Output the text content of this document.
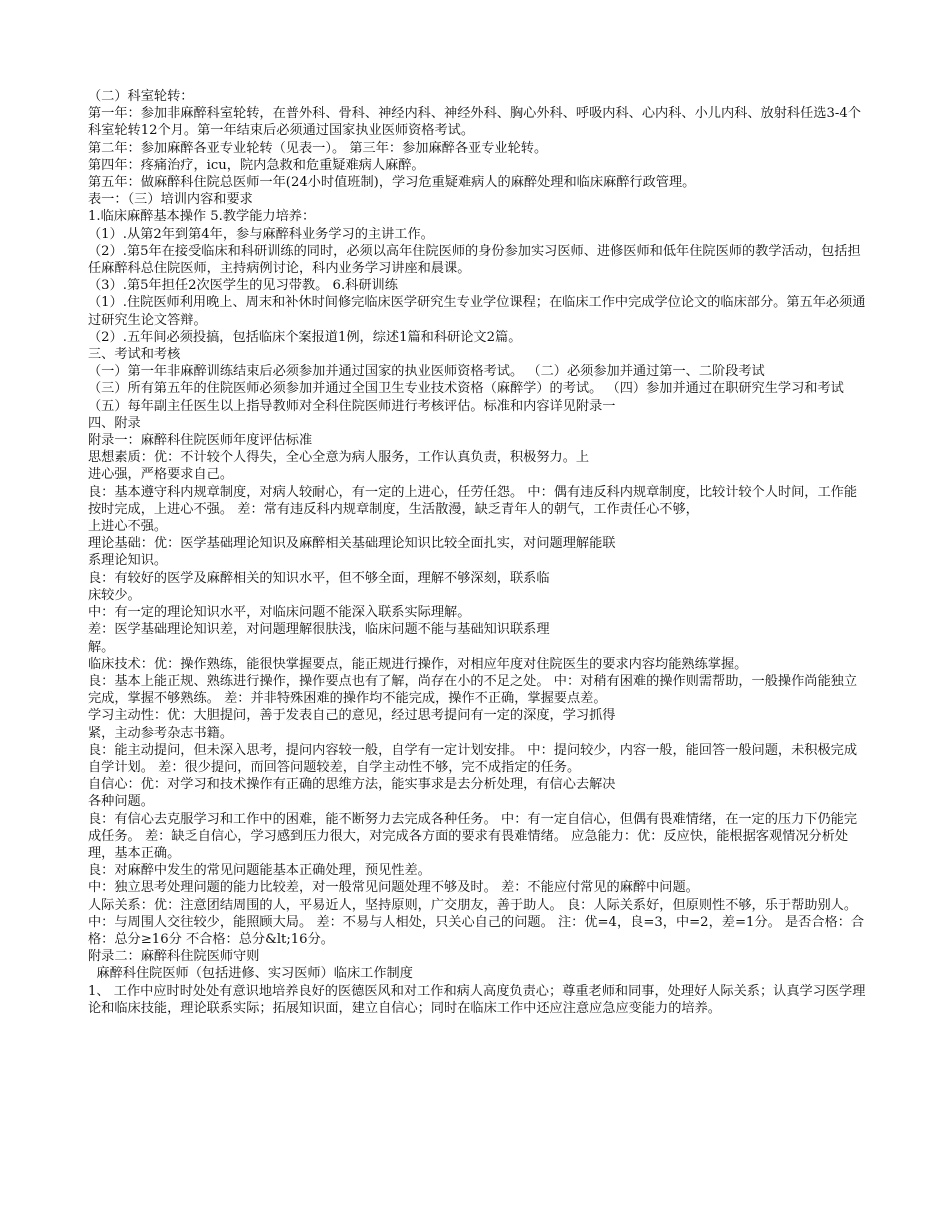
（二）科室轮转：

第一年：参加非麻醉科室轮转，在普外科、骨科、神经内科、神经外科、胸心外科、呼吸内科、心内科、小儿内科、放射科任选3-4个科室轮转12个月。第一年结束后必须通过国家执业医师资格考试。

第二年：参加麻醉各亚专业轮转（见表一）。 第三年：参加麻醉各亚专业轮转。

第四年：疼痛治疗，icu，院内急救和危重疑难病人麻醉。

第五年：做麻醉科住院总医师一年(24小时值班制)，学习危重疑难病人的麻醉处理和临床麻醉行政管理。

表一：（三）培训内容和要求

1.临床麻醉基本操作 5.教学能力培养：

（1）.从第2年到第4年，参与麻醉科业务学习的主讲工作。

（2）.第5年在接受临床和科研训练的同时，必须以高年住院医师的身份参加实习医师、进修医师和低年住院医师的教学活动，包括担任麻醉科总住院医师，主持病例讨论，科内业务学习讲座和晨课。

（3）.第5年担任2次医学生的见习带教。 6.科研训练

（1）.住院医师利用晚上、周末和补休时间修完临床医学研究生专业学位课程；在临床工作中完成学位论文的临床部分。第五年必须通过研究生论文答辩。

（2）.五年间必须投搞，包括临床个案报道1例，综述1篇和科研论文2篇。

三、考试和考核

（一）第一年非麻醉训练结束后必须参加并通过国家的执业医师资格考试。 （二）必须参加并通过第一、二阶段考试

（三）所有第五年的住院医师必须参加并通过全国卫生专业技术资格（麻醉学）的考试。 （四）参加并通过在职研究生学习和考试 （五）每年副主任医生以上指导教师对全科住院医师进行考核评估。标准和内容详见附录一

四、附录

附录一：麻醉科住院医师年度评估标准

思想素质：优：不计较个人得失，全心全意为病人服务，工作认真负责，积极努力。上

进心强，严格要求自己。

良：基本遵守科内规章制度，对病人较耐心，有一定的上进心，任劳任怨。 中：偶有违反科内规章制度，比较计较个人时间，工作能按时完成，上进心不强。 差：常有违反科内规章制度，生活散漫，缺乏青年人的朝气，工作责任心不够，

上进心不强。

理论基础：优：医学基础理论知识及麻醉相关基础理论知识比较全面扎实，对问题理解能联

系理论知识。

良：有较好的医学及麻醉相关的知识水平，但不够全面，理解不够深刻，联系临

床较少。

中：有一定的理论知识水平，对临床问题不能深入联系实际理解。

差：医学基础理论知识差，对问题理解很肤浅，临床问题不能与基础知识联系理

解。

临床技术：优：操作熟练，能很快掌握要点，能正规进行操作，对相应年度对住院医生的要求内容均能熟练掌握。

良：基本上能正规、熟练进行操作，操作要点也有了解，尚存在小的不足之处。 中：对稍有困难的操作则需帮助，一般操作尚能独立完成，掌握不够熟练。 差：并非特殊困难的操作均不能完成，操作不正确，掌握要点差。

学习主动性：优：大胆提问，善于发表自己的意见，经过思考提问有一定的深度，学习抓得

紧，主动参考杂志书籍。

良：能主动提问，但未深入思考，提问内容较一般，自学有一定计划安排。 中：提问较少，内容一般，能回答一般问题，未积极完成自学计划。 差：很少提问，而回答问题较差，自学主动性不够，完不成指定的任务。

自信心：优：对学习和技术操作有正确的思维方法，能实事求是去分析处理，有信心去解决

各种问题。

良：有信心去克服学习和工作中的困难，能不断努力去完成各种任务。 中：有一定自信心，但偶有畏难情绪，在一定的压力下仍能完成任务。 差：缺乏自信心，学习感到压力很大，对完成各方面的要求有畏难情绪。 应急能力：优：反应快，能根据客观情况分析处理，基本正确。

良：对麻醉中发生的常见问题能基本正确处理，预见性差。

中：独立思考处理问题的能力比较差，对一般常见问题处理不够及时。 差：不能应付常见的麻醉中问题。

人际关系：优：注意团结周围的人，平易近人，坚持原则，广交朋友，善于助人。 良：人际关系好，但原则性不够，乐于帮助别人。 中：与周围人交往较少，能照顾大局。 差：不易与人相处，只关心自己的问题。 注：优=4，良=3，中=2，差=1分。 是否合格：合格：总分≥16分 不合格：总分&lt;16分。

附录二：麻醉科住院医师守则

麻醉科住院医师（包括进修、实习医师）临床工作制度

1、 工作中应时时处处有意识地培养良好的医德医风和对工作和病人高度负责心；尊重老师和同事，处理好人际关系；认真学习医学理论和临床技能，理论联系实际；拓展知识面，建立自信心；同时在临床工作中还应注意应急应变能力的培养。
